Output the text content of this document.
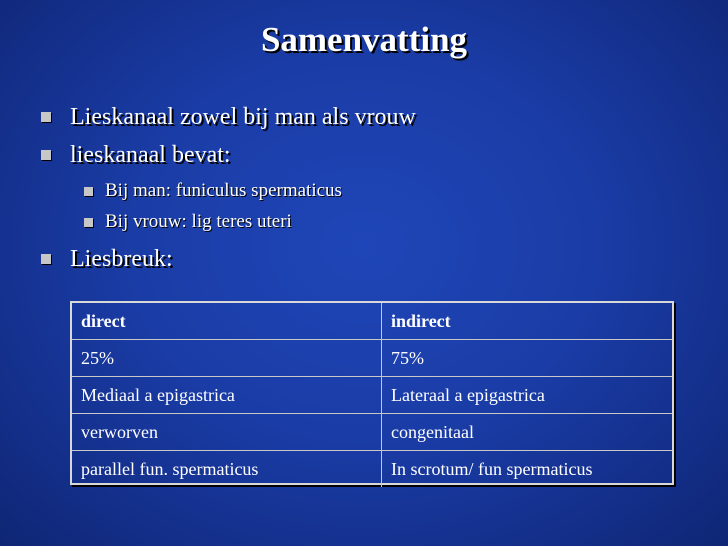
Samenvatting
Lieskanaal zowel bij man als vrouw
lieskanaal bevat:
Bij man: funiculus spermaticus
Bij vrouw: lig teres uteri
Liesbreuk:
direct	indirect
25%	75%
Mediaal a epigastrica	Lateraal a epigastrica
verworven	congenitaal
parallel fun. spermaticus	In scrotum/ fun spermaticus
